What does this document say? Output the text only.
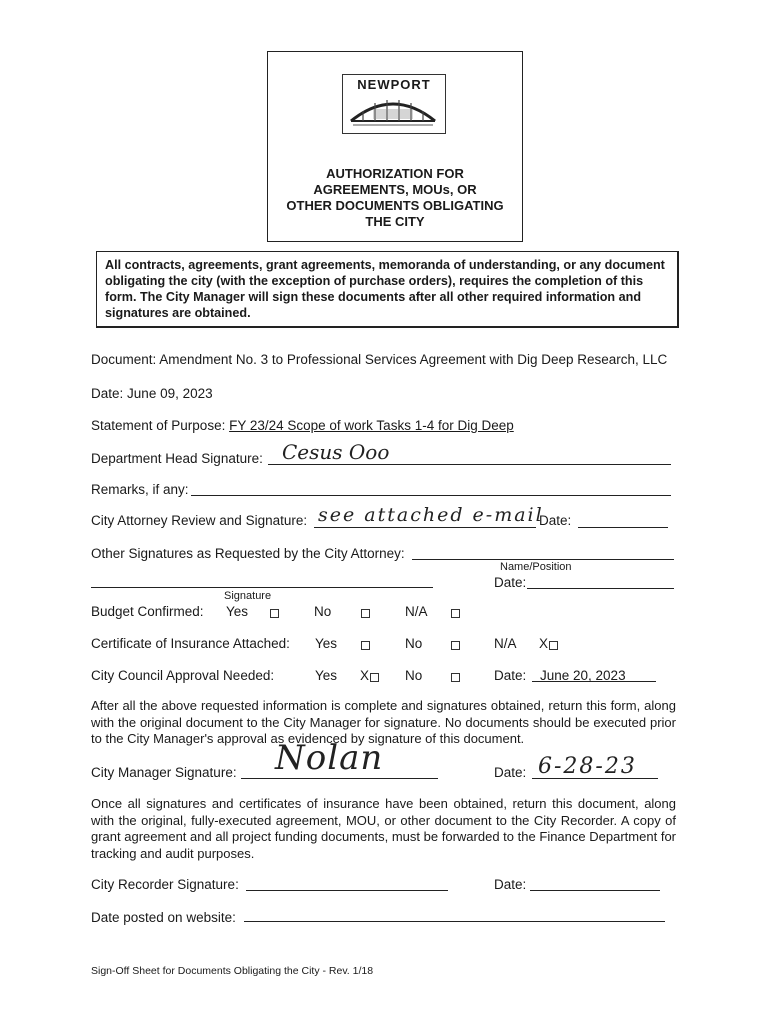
NEWPORT
AUTHORIZATION FOR
AGREEMENTS, MOUs, OR
OTHER DOCUMENTS OBLIGATING
THE CITY
All contracts, agreements, grant agreements, memoranda of understanding, or any document obligating the city (with the exception of purchase orders), requires the completion of this form. The City Manager will sign these documents after all other required information and signatures are obtained.
Document: Amendment No. 3 to Professional Services Agreement with Dig Deep Research, LLC
Date: June 09, 2023
Statement of Purpose: FY 23/24 Scope of work Tasks 1-4 for Dig Deep
Department Head Signature: Cesus Ooo
Remarks, if any:
City Attorney Review and Signature: see attached e-mail
Date:
Other Signatures as Requested by the City Attorney:
Name/Position
Date:
Signature
Budget Confirmed: Yes	No	N/A
Certificate of Insurance Attached: Yes	No	N/A X
City Council Approval Needed:	Yes X	No	Date: June 20, 2023
After all the above requested information is complete and signatures obtained, return this form, along with the original document to the City Manager for signature. No documents should be executed prior to the City Manager's approval as evidenced by signature of this document.
City Manager Signature: Nolan	Date: 6-28-23
Once all signatures and certificates of insurance have been obtained, return this document, along with the original, fully-executed agreement, MOU, or other document to the City Recorder. A copy of grant agreement and all project funding documents, must be forwarded to the Finance Department for tracking and audit purposes.
City Recorder Signature:	Date:
Date posted on website:
Sign-Off Sheet for Documents Obligating the City - Rev. 1/18
